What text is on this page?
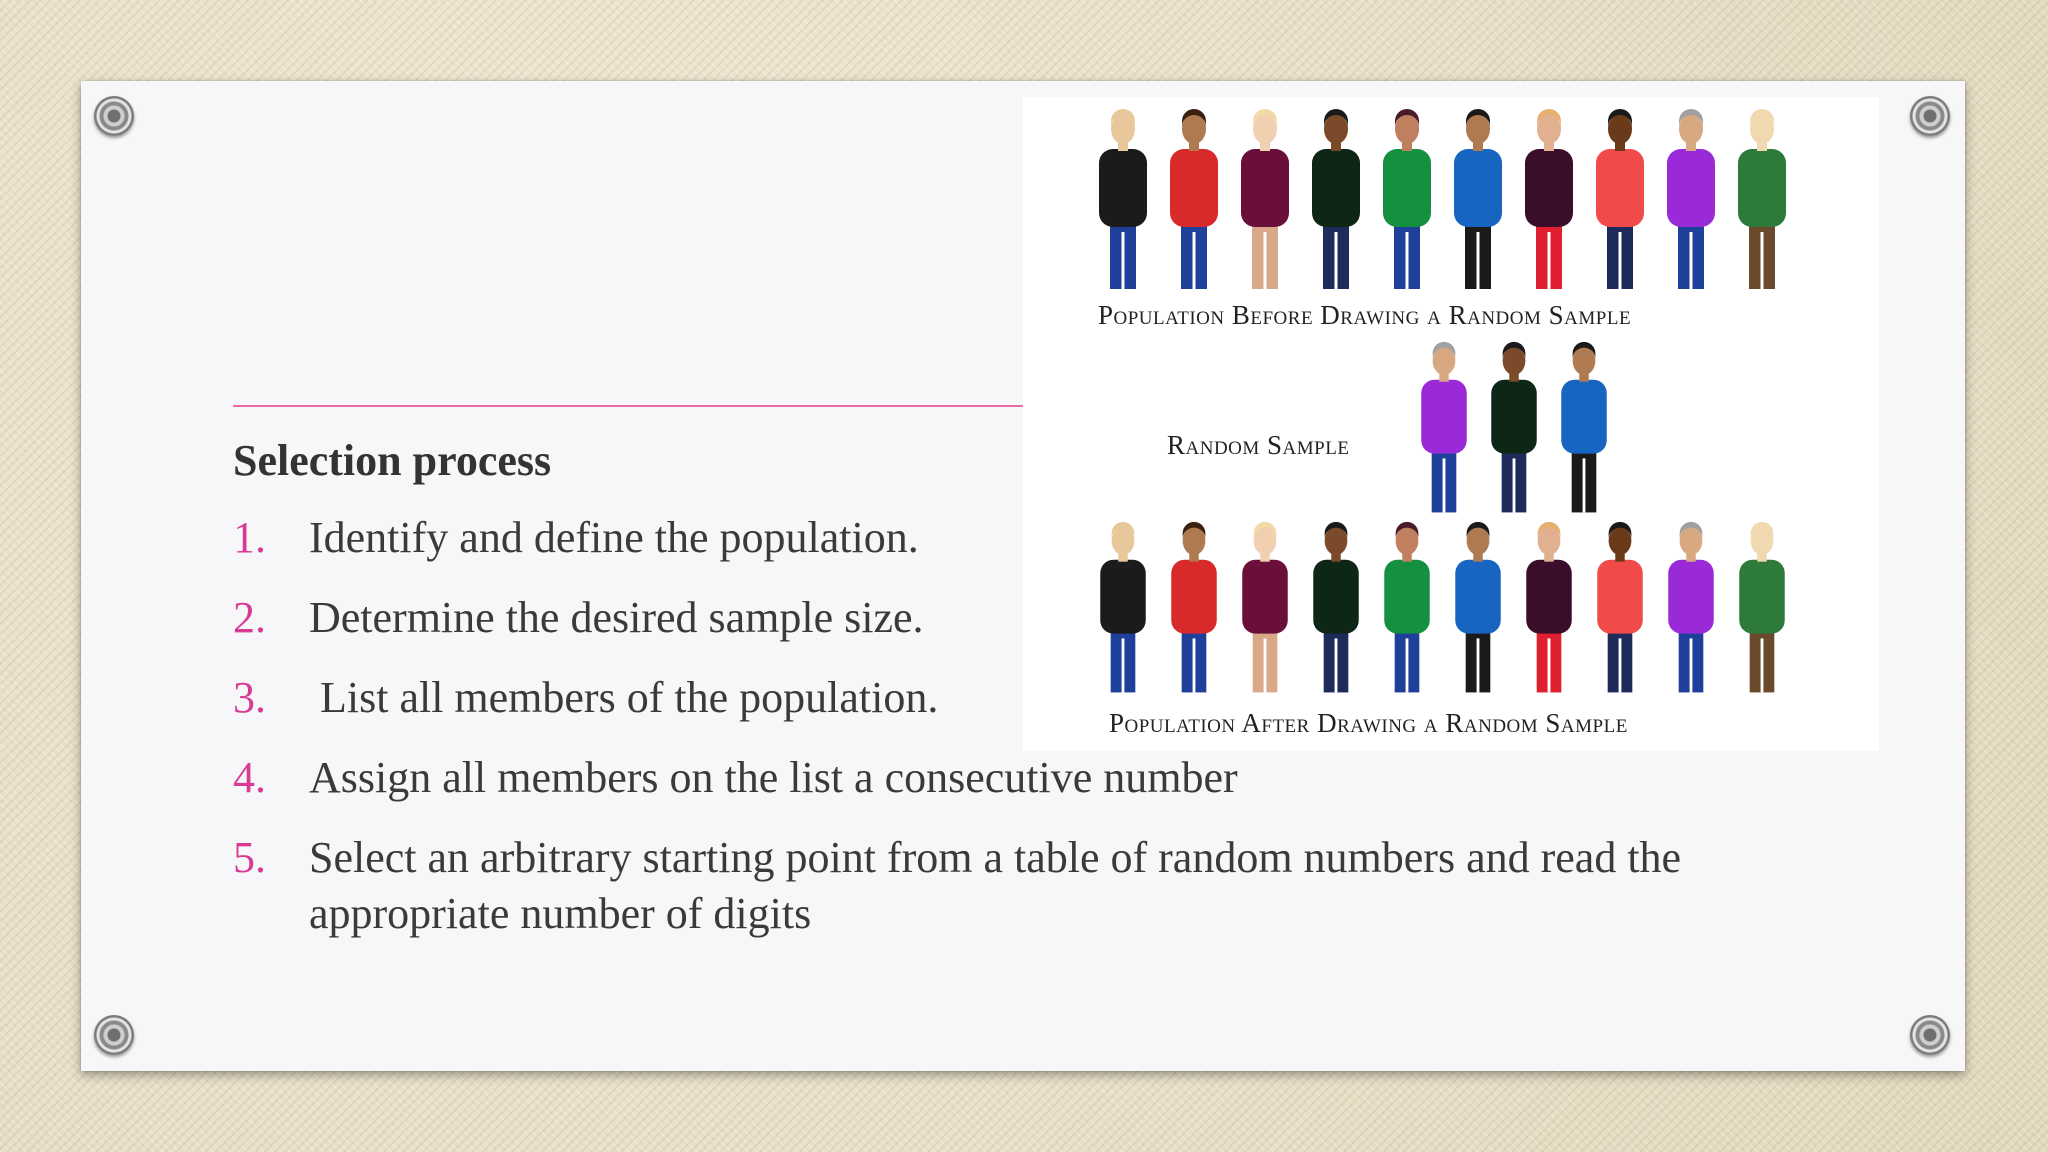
Selection process
1. Identify and define the population.
2. Determine the desired sample size.
3. List all members of the population.
4. Assign all members on the list a consecutive number
5. Select an arbitrary starting point from a table of random numbers and read the appropriate number of digits
Population Before Drawing a Random Sample
Random Sample
Population After Drawing a Random Sample
